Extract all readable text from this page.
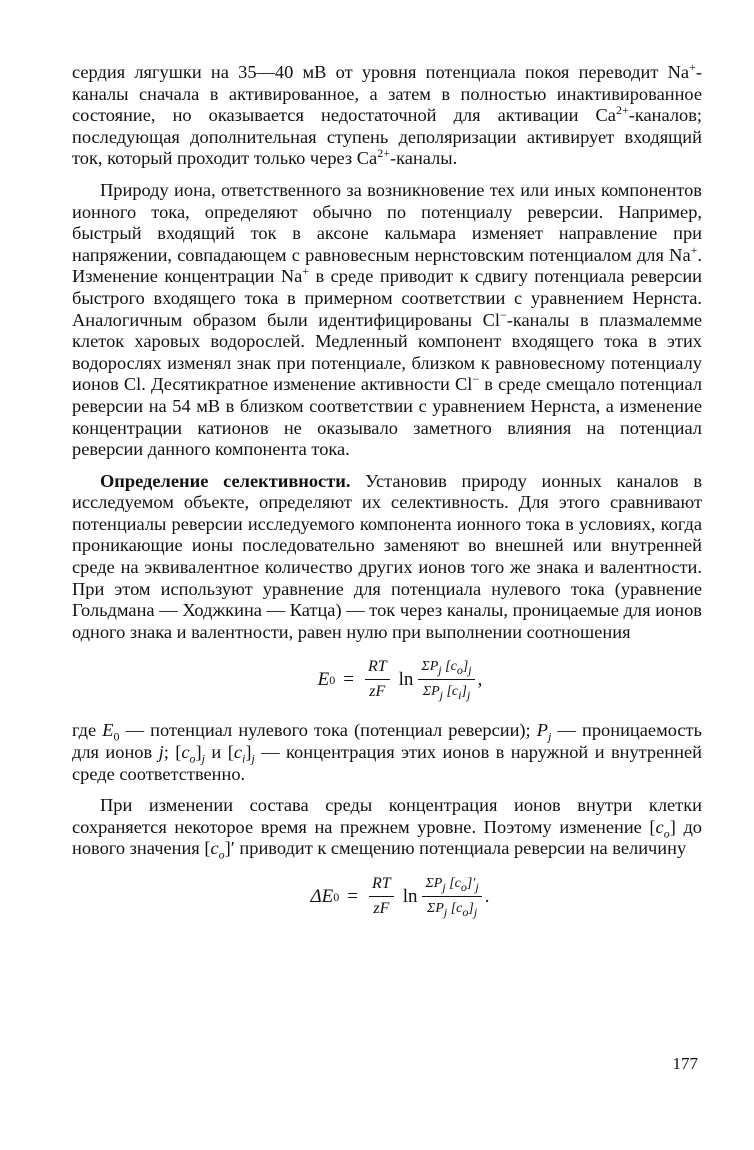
сердия лягушки на 35—40 мВ от уровня потенциала покоя переводит Na+- каналы сначала в активированное, а затем в полностью инактивированное состояние, но оказывается недостаточной для активации $Ca^{2+}$-каналов; последующая дополнительная ступень деполяризации активирует входящий ток, который проходит только через $Ca^{2+}$-каналы.

Природу иона, ответственного за возникновение тех или иных компонентов ионного тока, определяют обычно по потенциалу реверсии. Например, быстрый входящий ток в аксоне кальмара изменяет направление при напряжении, совпадающем с равновесным нернстовским потенциалом для Na+. Изменение концентрации Na+ в среде приводит к сдвигу потенциала реверсии быстрого входящего тока в примерном соответствии с уравнением Нернста. Аналогичным образом были идентифицированы Cl−-каналы в плазмалемме клеток харовых водорослей. Медленный компонент входящего тока в этих водорослях изменял знак при потенциале, близком к равновесному потенциалу ионов Cl. Десятикратное изменение активности Cl− в среде смещало потенциал реверсии на 54 мВ в близком соответствии с уравнением Нернста, а изменение концентрации катионов не оказывало заметного влияния на потенциал реверсии данного компонента тока.

Определение селективности. Установив природу ионных каналов в исследуемом объекте, определяют их селективность. Для этого сравнивают потенциалы реверсии исследуемого компонента ионного тока в условиях, когда проникающие ионы последовательно заменяют во внешней или внутренней среде на эквивалентное количество других ионов того же знака и валентности. При этом используют уравнение для потенциала нулевого тока (уравнение Гольдмана — Ходжкина — Катца) — ток через каналы, проницаемые для ионов одного знака и валентности, равен нулю при выполнении соотношения

E $0 = \frac{RT}{zF}$ $\ln \frac{\Sigma P_j [c_o]_j}{\Sigma P_j [c_i]_j}$ ,

где $E_0$ — потенциал нулевого тока (потенциал реверсии); $P_j$ — проницаемость для ионов j; $[c_o]_j$ и $[c_i]_j$ — концентрация этих ионов в наружной и внутренней среде соответственно.

При изменении состава среды концентрация ионов внутри клетки сохраняется некоторое время на прежнем уровне. Поэтому изменение $[c_o]$ до нового значения $[c_o]'$ приводит к смещению потенциала реверсии на величину

ΔE $0 = \frac{RT}{zF}$ $\ln \frac{\Sigma P_j [c_o]'_j}{\Sigma P_j [c_o]_j}$ .
177
